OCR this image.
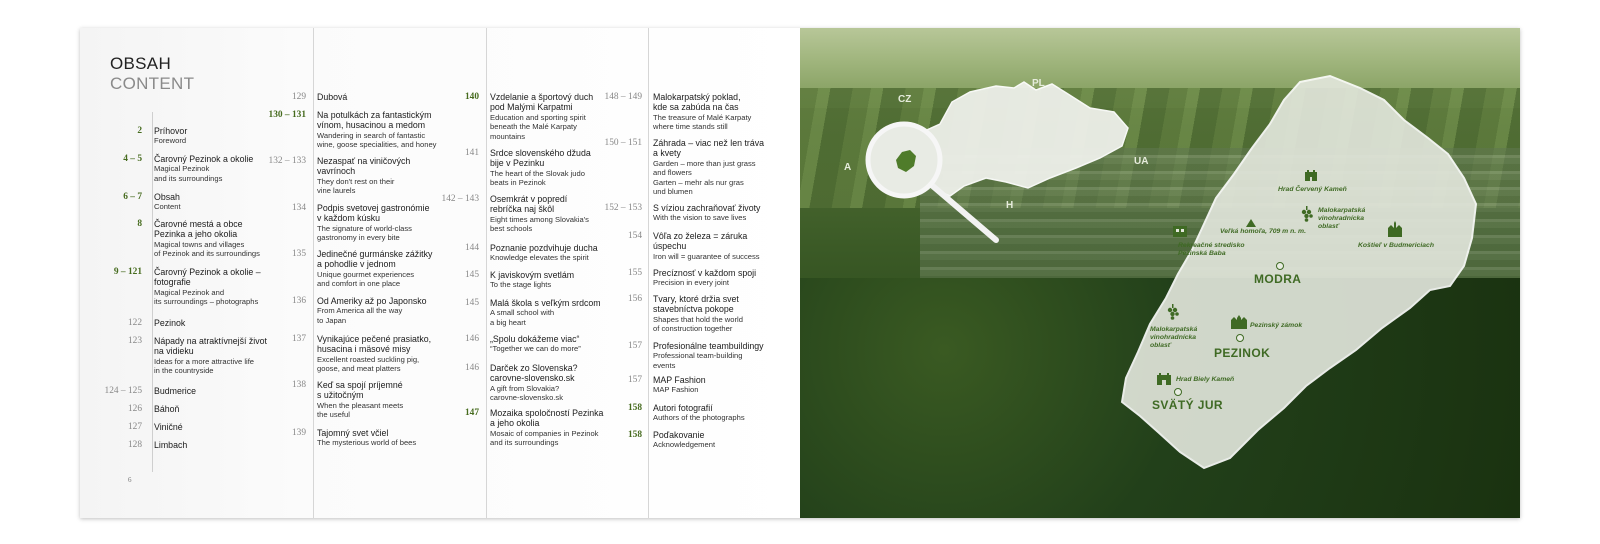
OBSAH
CONTENT
2 Príhovor
Foreword
4 – 5 Čarovný Pezinok a okolie
Magical Pezinok
and its surroundings
6 – 7 Obsah
Content
8 Čarovné mestá a obce
Pezinka a jeho okolia
Magical towns and villages
of Pezinok and its surroundings
9 – 121 Čarovný Pezinok a okolie –
fotografie
Magical Pezinok and
its surroundings – photographs
122 Pezinok
123 Nápady na atraktívnejší život
na vidieku
Ideas for a more attractive life
in the countryside
124 – 125 Budmerice
126 Báhoň
127 Viničné
128 Limbach
129 Dubová
130 – 131 Na potulkách za fantastickým
vínom, husacinou a medom
Wandering in search of fantastic
wine, goose specialities, and honey
132 – 133 Nezaspať na viničových
vavrínoch
They don't rest on their
vine laurels
134 Podpis svetovej gastronómie
v každom kúsku
The signature of world-class
gastronomy in every bite
135 Jedinečné gurmánske zážitky
a pohodlie v jednom
Unique gourmet experiences
and comfort in one place
136 Od Ameriky až po Japonsko
From America all the way
to Japan
137 Vynikajúce pečené prasiatko,
husacina i mäsové misy
Excellent roasted suckling pig,
goose, and meat platters
138 Keď sa spojí príjemné
s užitočným
When the pleasant meets
the useful
139 Tajomný svet včiel
The mysterious world of bees
140 Vzdelanie a športový duch
pod Malými Karpatmi
Education and sporting spirit
beneath the Malé Karpaty
mountains
141 Srdce slovenského džuda
bije v Pezinku
The heart of the Slovak judo
beats in Pezinok
142 – 143 Osemkrát v popredí
rebríčka naj škôl
Eight times among Slovakia's
best schools
144 Poznanie pozdvihuje ducha
Knowledge elevates the spirit
145 K javiskovým svetlám
To the stage lights
145 Malá škola s veľkým srdcom
A small school with
a big heart
146 „Spolu dokážeme viac“
“Together we can do more”
146 Darček zo Slovenska?
carovne-slovensko.sk
A gift from Slovakia?
carovne-slovensko.sk
147 Mozaika spoločností Pezinka
a jeho okolia
Mosaic of companies in Pezinok
and its surroundings
148 – 149 Malokarpatský poklad,
kde sa zabúda na čas
The treasure of Malé Karpaty
where time stands still
150 – 151 Záhrada – viac než len tráva
a kvety
Garden – more than just grass
and flowers
Garten – mehr als nur gras
und blumen
152 – 153 S víziou zachraňovať životy
With the vision to save lives
154 Vôľa zo železa = záruka
úspechu
Iron will = guarantee of success
155 Precíznosť v každom spoji
Precision in every joint
156 Tvary, ktoré držia svet
stavebníctva pokope
Shapes that hold the world
of construction together
157 Profesionálne teambuildingy
Professional team-building
events
157 MAP Fashion
MAP Fashion
158 Autori fotografií
Authors of the photographs
158 Poďakovanie
Acknowledgement
6
CZ
PL
A
UA
H
Hrad Červený Kameň
Malokarpatská
vinohradnícka
oblasť
Veľká homoľa, 709 m n. m.
Koštieľ v Budmericiach
Rekreačné stredisko
Pezinská Baba
MODRA
Malokarpatská
vinohradnícka
oblasť
Pezinský zámok
PEZINOK
Hrad Biely Kameň
SVÄTÝ JUR
